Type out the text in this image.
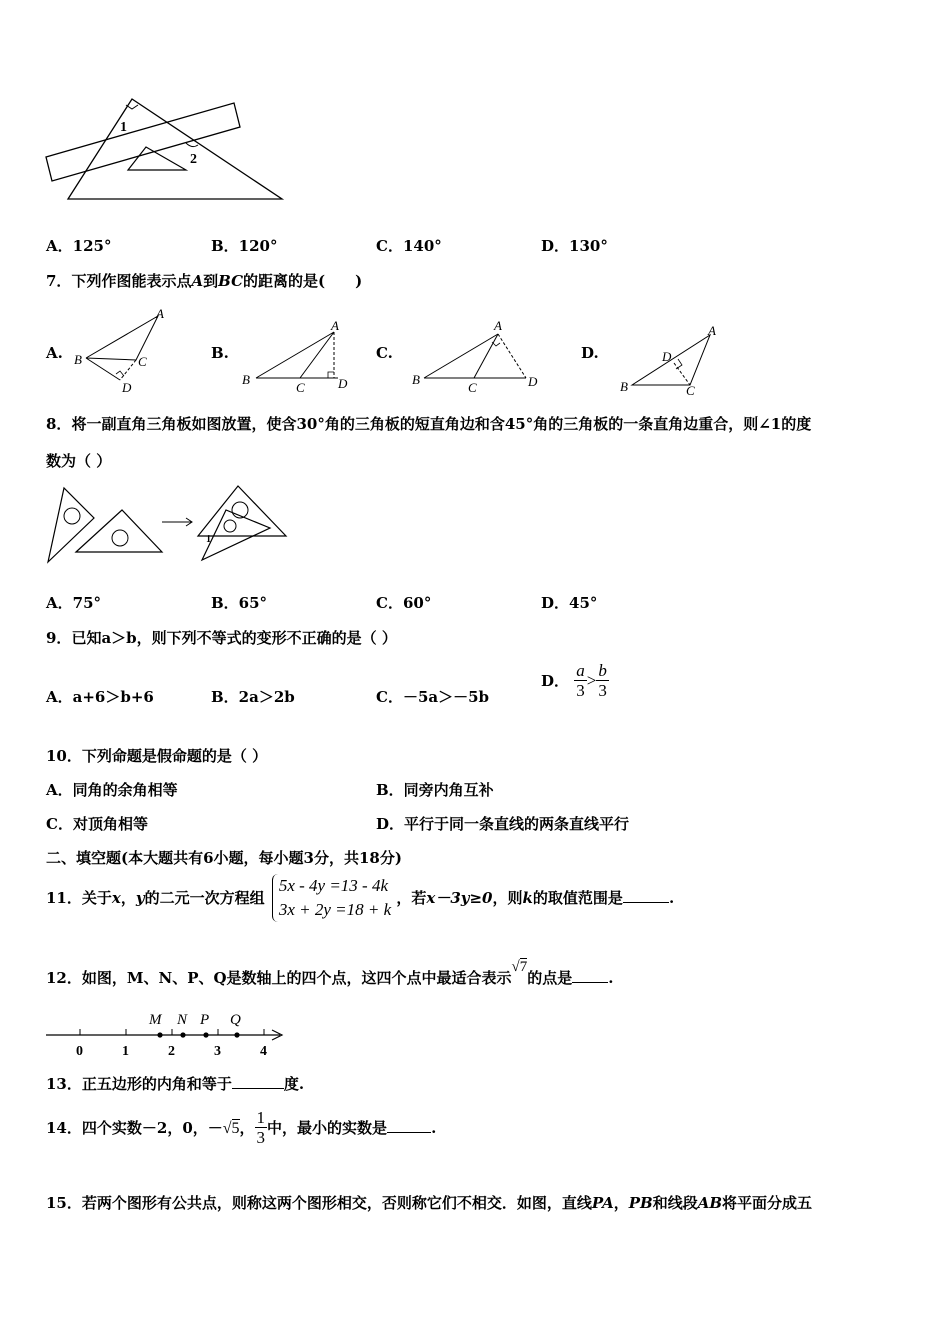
1
2
A．125°	B．120°	C．140°	D．130°
7．下列作图能表示点A到BC的距离的是( )
A.
A
B	C
D
B.
A
B
C	D
C.
A
B
C	D
D.
A
B	C
D
8．将一副直角三角板如图放置，使含30°角的三角板的短直角边和含45°角的三角板的一条直角边重合，则∠1的度
数为（ ）
1
A．75°	B．65°	C．60°	D．45°
9．已知a＞b，则下列不等式的变形不正确的是（ ）
A．a+6＞b+6	B．2a＞2b	C．－5a＞－5b
D． $\frac{a}{3} > \frac{b}{3}$
10．下列命题是假命题的是（ ）
A．同角的余角相等	B．同旁内角互补
C．对顶角相等	D．平行于同一条直线的两条直线平行
二、填空题(本大题共有6小题，每小题3分，共18分)
11．关于x，y的二元一次方程组
5x - 4y =13 - 4k
3x + 2y =18 + k
，若x－3y≥0，则k的取值范围是	.
12．如图，M、N、P、Q是数轴上的四个点，这四个点中最适合表示√7的点是 .
M N P Q
0	1	2	3	4
13．正五边形的内角和等于	度.
14．四个实数－2，0，－√5， $\frac{1}{3}$ 中，最小的实数是	.
15．若两个图形有公共点，则称这两个图形相交，否则称它们不相交．如图，直线PA，PB和线段AB将平面分成五
